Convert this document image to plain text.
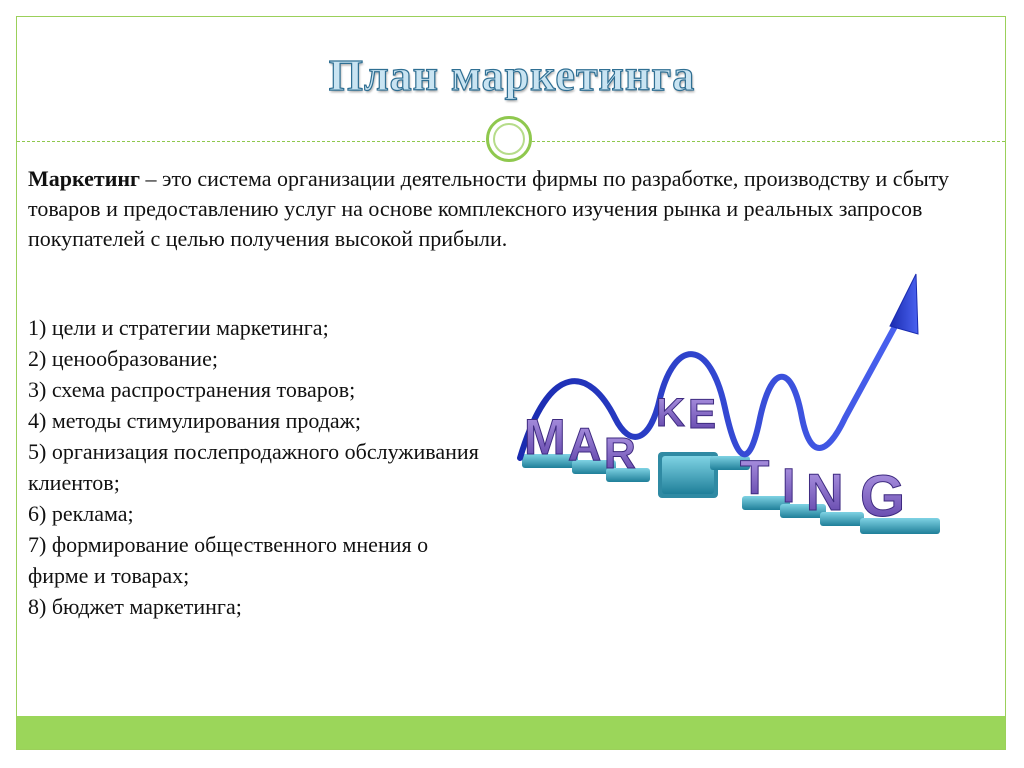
План маркетинга
Маркетинг – это система организации деятельности фирмы по разработке, производству и сбыту товаров и предоставлению услуг на основе комплексного изучения рынка и реальных запросов покупателей с целью получения высокой прибыли.
1) цели и стратегии маркетинга;
2) ценообразование;
3) схема распространения товаров;
4) методы стимулирования продаж;
5) организация послепродажного обслуживания клиентов;
6) реклама;
7) формирование общественного мнения о фирме и товарах;
8) бюджет маркетинга;
M A R
K E
T I N G
